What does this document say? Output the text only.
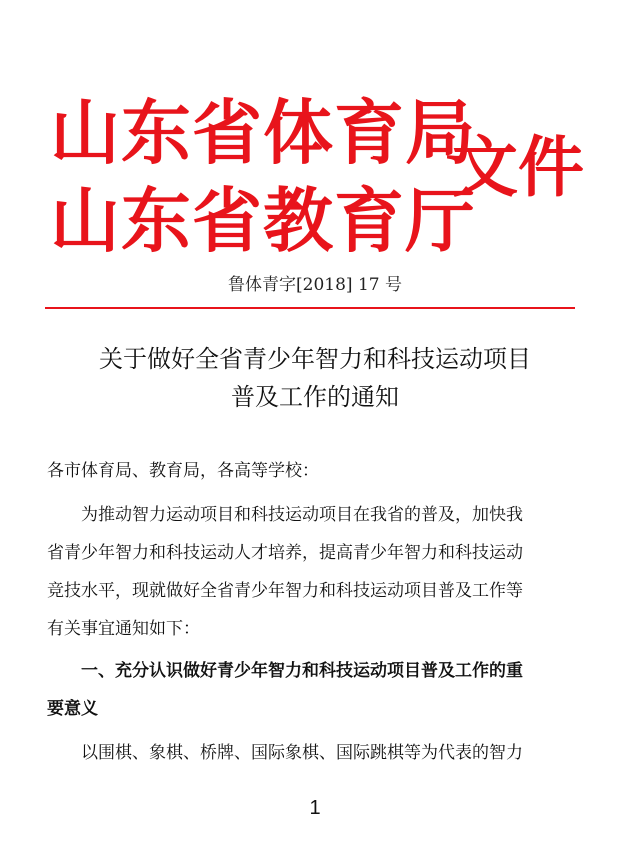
山东省体育局
山东省教育厅
文件
鲁体青字[2018] 17 号
关于做好全省青少年智力和科技运动项目
普及工作的通知
各市体育局、教育局，各高等学校：
为推动智力运动项目和科技运动项目在我省的普及，加快我
省青少年智力和科技运动人才培养，提高青少年智力和科技运动
竞技水平，现就做好全省青少年智力和科技运动项目普及工作等
有关事宜通知如下：
一、充分认识做好青少年智力和科技运动项目普及工作的重
要意义
以围棋、象棋、桥牌、国际象棋、国际跳棋等为代表的智力
1
